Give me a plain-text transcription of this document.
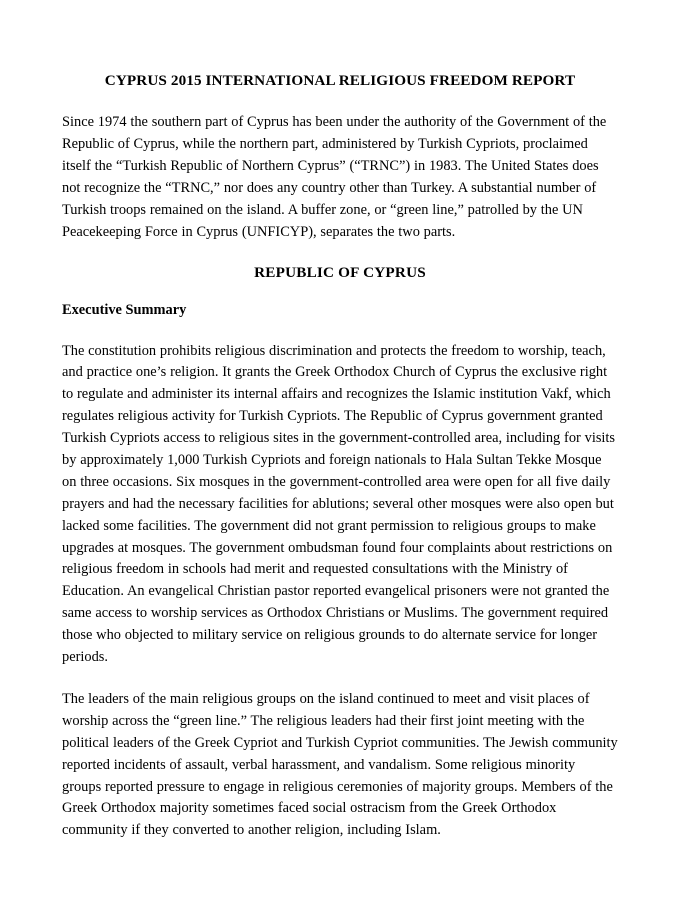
CYPRUS 2015 INTERNATIONAL RELIGIOUS FREEDOM REPORT

Since 1974 the southern part of Cyprus has been under the authority of the Government of the Republic of Cyprus, while the northern part, administered by Turkish Cypriots, proclaimed itself the “Turkish Republic of Northern Cyprus” (“TRNC”) in 1983. The United States does not recognize the “TRNC,” nor does any country other than Turkey. A substantial number of Turkish troops remained on the island. A buffer zone, or “green line,” patrolled by the UN Peacekeeping Force in Cyprus (UNFICYP), separates the two parts.

REPUBLIC OF CYPRUS
Executive Summary

The constitution prohibits religious discrimination and protects the freedom to worship, teach, and practice one’s religion. It grants the Greek Orthodox Church of Cyprus the exclusive right to regulate and administer its internal affairs and recognizes the Islamic institution Vakf, which regulates religious activity for Turkish Cypriots. The Republic of Cyprus government granted Turkish Cypriots access to religious sites in the government-controlled area, including for visits by approximately 1,000 Turkish Cypriots and foreign nationals to Hala Sultan Tekke Mosque on three occasions. Six mosques in the government-controlled area were open for all five daily prayers and had the necessary facilities for ablutions; several other mosques were also open but lacked some facilities. The government did not grant permission to religious groups to make upgrades at mosques. The government ombudsman found four complaints about restrictions on religious freedom in schools had merit and requested consultations with the Ministry of Education. An evangelical Christian pastor reported evangelical prisoners were not granted the same access to worship services as Orthodox Christians or Muslims. The government required those who objected to military service on religious grounds to do alternate service for longer periods.

The leaders of the main religious groups on the island continued to meet and visit places of worship across the “green line.” The religious leaders had their first joint meeting with the political leaders of the Greek Cypriot and Turkish Cypriot communities. The Jewish community reported incidents of assault, verbal harassment, and vandalism. Some religious minority groups reported pressure to engage in religious ceremonies of majority groups. Members of the Greek Orthodox majority sometimes faced social ostracism from the Greek Orthodox community if they converted to another religion, including Islam.
